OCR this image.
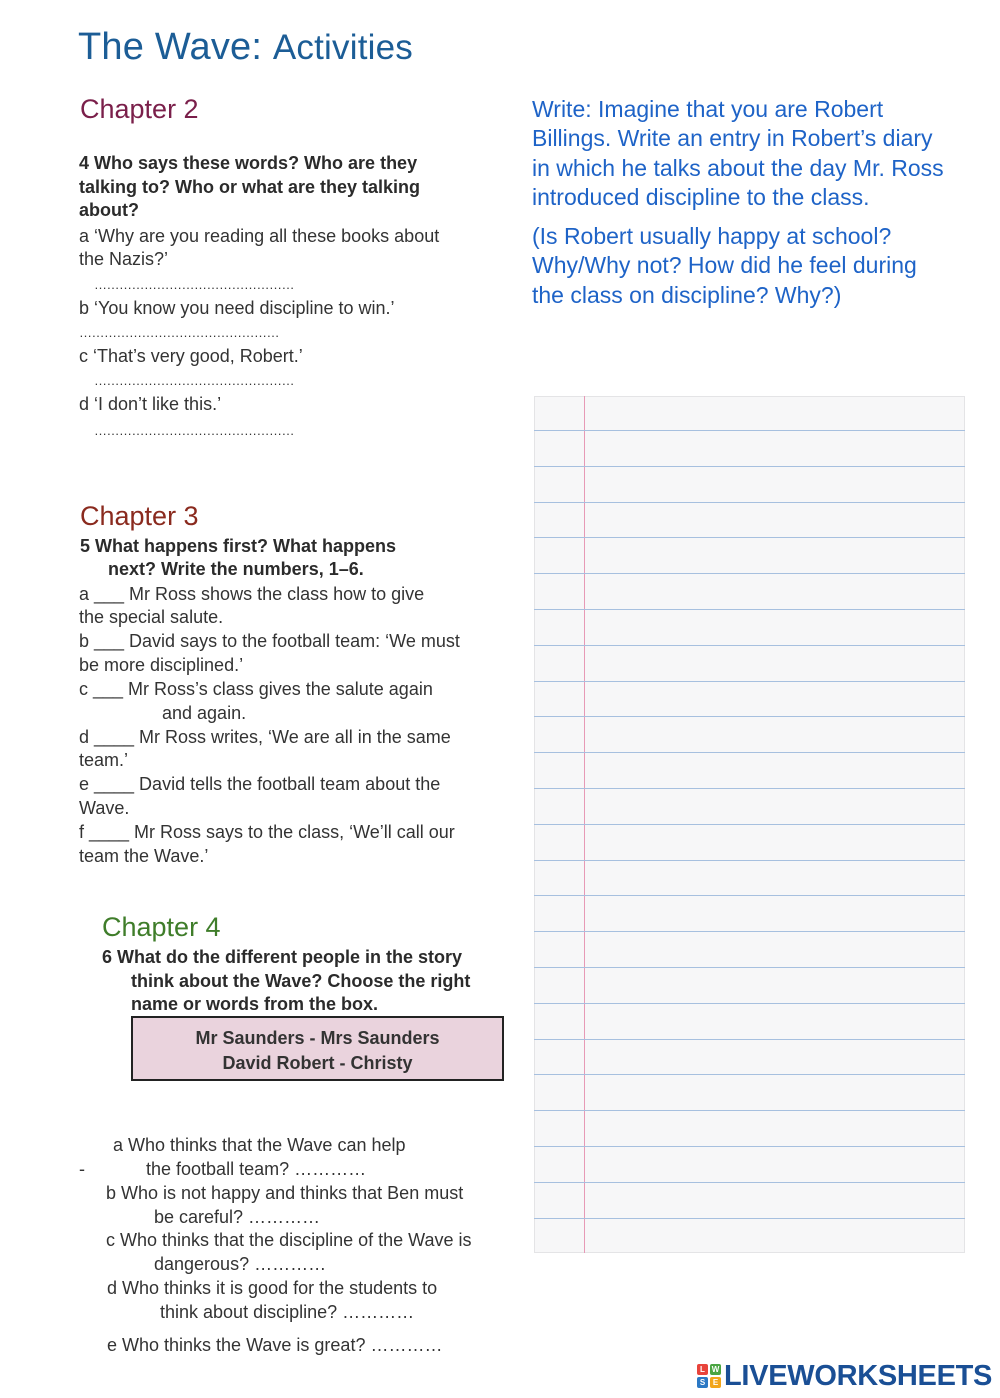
The Wave: Activities
Chapter 2
4 Who says these words? Who are they talking to? Who or what are they talking about?
a ‘Why are you reading all these books about
the Nazis?’
…………………………………………
b ‘You know you need discipline to win.’
…………………………………………
c ‘That’s very good, Robert.’
…………………………………………
d ‘I don’t like this.’
…………………………………………
Chapter 3
5 What happens first? What happens
next? Write the numbers, 1–6.
a ___ Mr Ross shows the class how to give
the special salute.
b ___ David says to the football team: ‘We must
be more disciplined.’
c ___ Mr Ross’s class gives the salute again
and again.
d ____ Mr Ross writes, ‘We are all in the same
team.’
e ____ David tells the football team about the
Wave.
f ____ Mr Ross says to the class, ‘We’ll call our
team the Wave.’
Chapter 4
6 What do the different people in the story
think about the Wave? Choose the right
name or words from the box.
Mr Saunders - Mrs Saunders
David Robert - Christy
a Who thinks that the Wave can help
-	the football team? …………
b Who is not happy and thinks that Ben must
be careful? …………
c Who thinks that the discipline of the Wave is
dangerous? …………
d Who thinks it is good for the students to
think about discipline? …………
e Who thinks the Wave is great? …………

Write: Imagine that you are Robert Billings. Write an entry in Robert’s diary in which he talks about the day Mr. Ross introduced discipline to the class.

(Is Robert usually happy at school? Why/Why not? How did he feel during the class on discipline? Why?)

L W
S E LIVEWORKSHEETS
